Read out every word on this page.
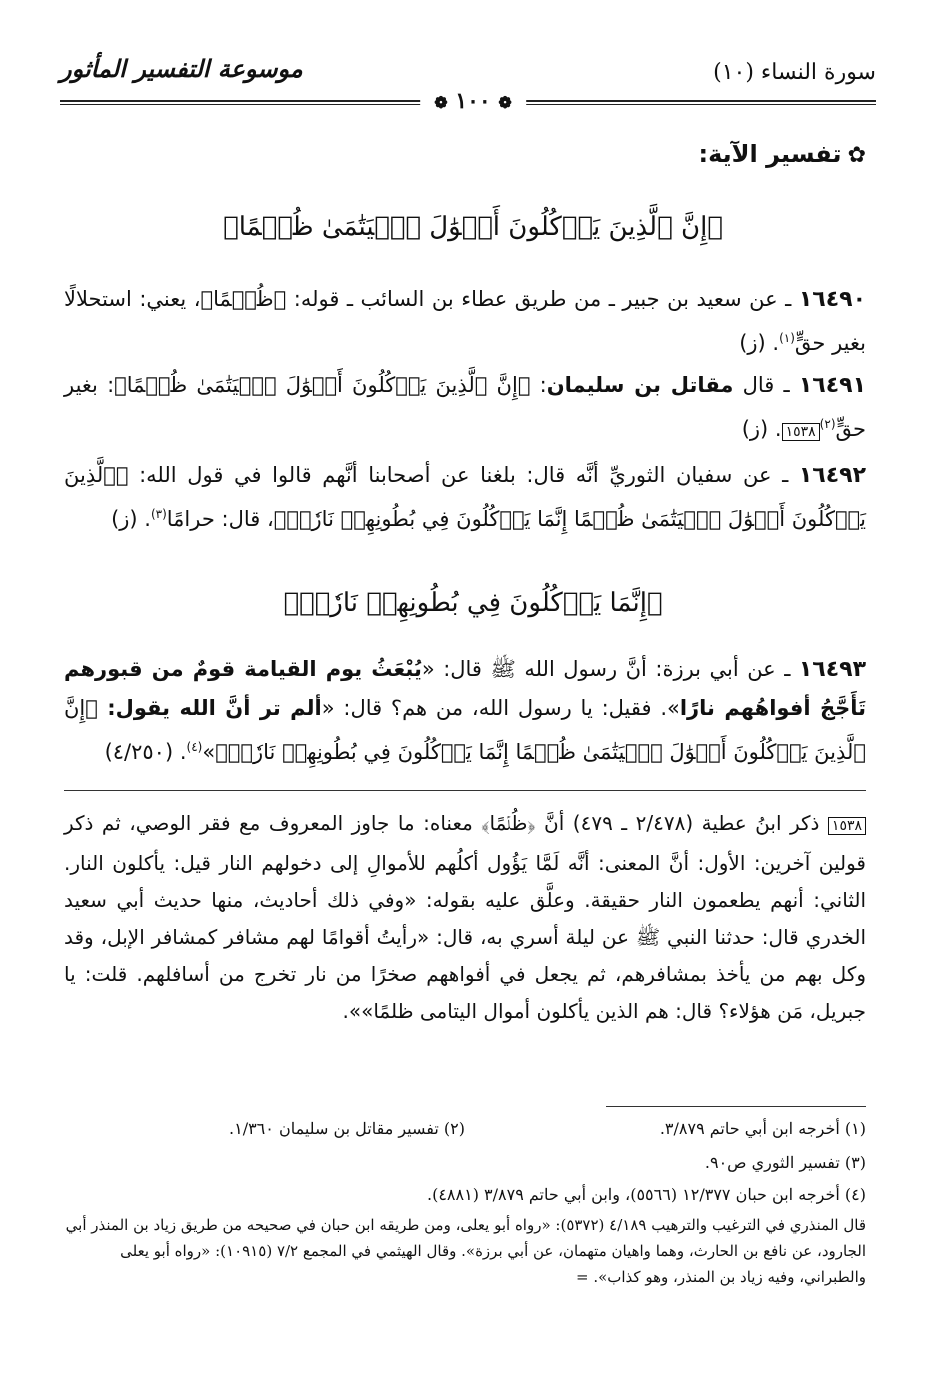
سورة النساء (١٠)
موسوعة التفسير المأثور
❁ ١٠٠ ❁
✿تفسير الآية:
﴿إِنَّ ٱلَّذِينَ يَأۡكُلُونَ أَمۡوَٰلَ ٱلۡيَتَٰمَىٰ ظُلۡمًا﴾
١٦٤٩٠ ـ عن سعيد بن جبير ـ من طريق عطاء بن السائب ـ قوله: ﴿ظُلۡمًا﴾، يعني: استحلالًا بغير حقٍّ$^{(١)}$. (ز)
١٦٤٩١ ـ قال مقاتل بن سليمان: ﴿إِنَّ ٱلَّذِينَ يَأۡكُلُونَ أَمۡوَٰلَ ٱلۡيَتَٰمَىٰ ظُلۡمًا﴾: بغير حقٍّ$^{(٢)}$١٥٣٨. (ز)
١٦٤٩٢ ـ عن سفيان الثوريِّ أنَّه قال: بلغنا عن أصحابنا أنَّهم قالوا في قول الله: ﴿ٱلَّذِينَ يَأۡكُلُونَ أَمۡوَٰلَ ٱلۡيَتَٰمَىٰ ظُلۡمًا إِنَّمَا يَأۡكُلُونَ فِي بُطُونِهِمۡ نَارٗاۖ﴾، قال: حرامًا$^{(٣)}$. (ز)
﴿إِنَّمَا يَأۡكُلُونَ فِي بُطُونِهِمۡ نَارٗاۖ﴾
١٦٤٩٣ ـ عن أبي برزة: أنَّ رسول الله ﷺ قال: «يُبْعَثُ يوم القيامة قومٌ من قبورهم تَأَجَّجُ أفواهُهم نارًا». فقيل: يا رسول الله، من هم؟ قال: «ألم تر أنَّ الله يقول: ﴿إِنَّ ٱلَّذِينَ يَأۡكُلُونَ أَمۡوَٰلَ ٱلۡيَتَٰمَىٰ ظُلۡمًا إِنَّمَا يَأۡكُلُونَ فِي بُطُونِهِمۡ نَارٗاۖ﴾»$^{(٤)}$. (٤/٢٥٠)
١٥٣٨ ذكر ابنُ عطية (٢/٤٧٨ ـ ٤٧٩) أنَّ ﴿ظُلۡمًا﴾ معناه: ما جاوز المعروف مع فقر الوصي، ثم ذكر قولين آخرين: الأول: أنَّ المعنى: أنَّه لَمَّا يَؤُول أكلُهم للأموالِ إلى دخولهم النار قيل: يأكلون النار. الثاني: أنهم يطعمون النار حقيقة. وعلَّق عليه بقوله: «وفي ذلك أحاديث، منها حديث أبي سعيد الخدري قال: حدثنا النبي ﷺ عن ليلة أسري به، قال: «رأيتُ أقوامًا لهم مشافر كمشافر الإبل، وقد وكل بهم من يأخذ بمشافرهم، ثم يجعل في أفواههم صخرًا من نار تخرج من أسافلهم. قلت: يا جبريل، مَن هؤلاء؟ قال: هم الذين يأكلون أموال اليتامى ظلمًا»».
(١) أخرجه ابن أبي حاتم ٣/٨٧٩.
(٢) تفسير مقاتل بن سليمان ١/٣٦٠.
(٣) تفسير الثوري ص٩٠.
(٤) أخرجه ابن حبان ١٢/٣٧٧ (٥٥٦٦)، وابن أبي حاتم ٣/٨٧٩ (٤٨٨١).
قال المنذري في الترغيب والترهيب ٤/١٨٩ (٥٣٧٢): «رواه أبو يعلى، ومن طريقه ابن حبان في صحيحه من طريق زياد بن المنذر أبي الجارود، عن نافع بن الحارث، وهما واهيان متهمان، عن أبي برزة». وقال الهيثمي في المجمع ٧/٢ (١٠٩١٥): «رواه أبو يعلى والطبراني، وفيه زياد بن المنذر، وهو كذاب». =
